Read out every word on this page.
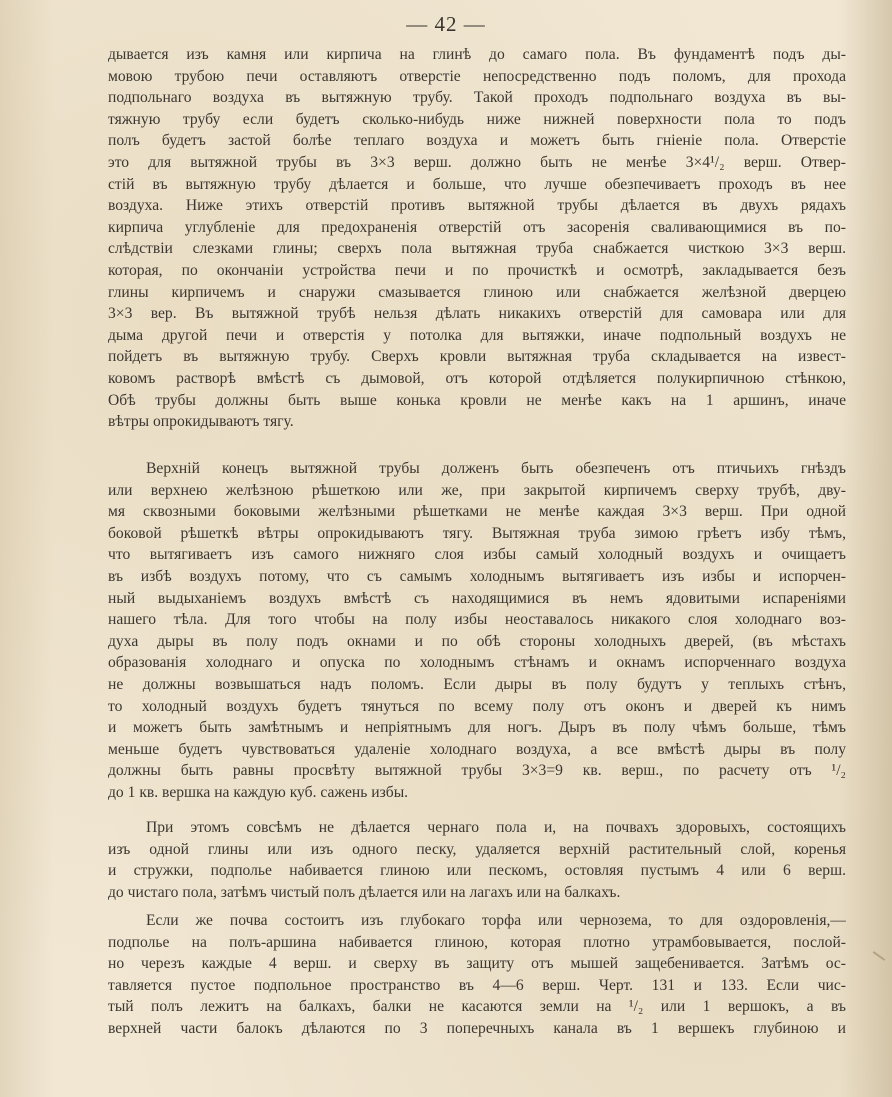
— 42 —
дывается изъ камня или кирпича на глинѣ до самаго пола. Въ фундаментѣ подъ ды-
мовою трубою печи оставляютъ отверстіе непосредственно подъ поломъ, для прохода
подпольнаго воздуха въ вытяжную трубу. Такой проходъ подпольнаго воздуха въ вы-
тяжную трубу если будетъ сколько-нибудь ниже нижней поверхности пола то подъ
полъ будетъ застой болѣе теплаго воздуха и можетъ быть гніеніе пола. Отверстіе
это для вытяжной трубы въ 3×3 верш. должно быть не менѣе 3×4¹/₂ верш. Отвер-
стій въ вытяжную трубу дѣлается и больше, что лучше обезпечиваетъ проходъ въ нее
воздуха. Ниже этихъ отверстій противъ вытяжной трубы дѣлается въ двухъ рядахъ
кирпича углубленіе для предохраненія отверстій отъ засоренія сваливающимися въ по-
слѣдствіи слезками глины; сверхъ пола вытяжная труба снабжается чисткою 3×3 верш.
которая, по окончаніи устройства печи и по прочисткѣ и осмотрѣ, закладывается безъ
глины кирпичемъ и снаружи смазывается глиною или снабжается желѣзной дверцею
3×3 вер. Въ вытяжной трубѣ нельзя дѣлать никакихъ отверстій для самовара или для
дыма другой печи и отверстія у потолка для вытяжки, иначе подпольный воздухъ не
пойдетъ въ вытяжную трубу. Сверхъ кровли вытяжная труба складывается на извест-
ковомъ растворѣ вмѣстѣ съ дымовой, отъ которой отдѣляется полукирпичною стѣнкою,
Обѣ трубы должны быть выше конька кровли не менѣе какъ на 1 аршинъ, иначе
вѣтры опрокидываютъ тягу.
Верхній конецъ вытяжной трубы долженъ быть обезпеченъ отъ птичьихъ гнѣздъ
или верхнею желѣзною рѣшеткою или же, при закрытой кирпичемъ сверху трубѣ, дву-
мя сквозными боковыми желѣзными рѣшетками не менѣе каждая 3×3 верш. При одной
боковой рѣшеткѣ вѣтры опрокидываютъ тягу. Вытяжная труба зимою грѣетъ избу тѣмъ,
что вытягиваетъ изъ самого нижняго слоя избы самый холодный воздухъ и очищаетъ
въ избѣ воздухъ потому, что съ самымъ холоднымъ вытягиваетъ изъ избы и испорчен-
ный выдыханіемъ воздухъ вмѣстѣ съ находящимися въ немъ ядовитыми испареніями
нашего тѣла. Для того чтобы на полу избы неоставалось никакого слоя холоднаго воз-
духа дыры въ полу подъ окнами и по обѣ стороны холодныхъ дверей, (въ мѣстахъ
образованія холоднаго и опуска по холоднымъ стѣнамъ и окнамъ испорченнаго воздуха
не должны возвышаться надъ поломъ. Если дыры въ полу будутъ у теплыхъ стѣнъ,
то холодный воздухъ будетъ тянуться по всему полу отъ оконъ и дверей къ нимъ
и можетъ быть замѣтнымъ и непріятнымъ для ногъ. Дыръ въ полу чѣмъ больше, тѣмъ
меньше будетъ чувствоваться удаленіе холоднаго воздуха, а все вмѣстѣ дыры въ полу
должны быть равны просвѣту вытяжной трубы 3×3=9 кв. верш., по расчету отъ ¹/₂
до 1 кв. вершка на каждую куб. сажень избы.
При этомъ совсѣмъ не дѣлается чернаго пола и, на почвахъ здоровыхъ, состоящихъ
изъ одной глины или изъ одного песку, удаляется верхній растительный слой, коренья
и стружки, подполье набивается глиною или пескомъ, остовляя пустымъ 4 или 6 верш.
до чистаго пола, затѣмъ чистый полъ дѣлается или на лагахъ или на балкахъ.
Если же почва состоитъ изъ глубокаго торфа или чернозема, то для оздоровленія,—
подполье на полъ-аршина набивается глиною, которая плотно утрамбовывается, послой-
но черезъ каждые 4 верш. и сверху въ защиту отъ мышей защебенивается. Затѣмъ ос-
тавляется пустое подпольное пространство въ 4—6 верш. Черт. 131 и 133. Если чис-
тый полъ лежитъ на балкахъ, балки не касаются земли на ¹/₂ или 1 вершокъ, а въ
верхней части балокъ дѣлаются по 3 поперечныхъ канала въ 1 вершекъ глубиною и
